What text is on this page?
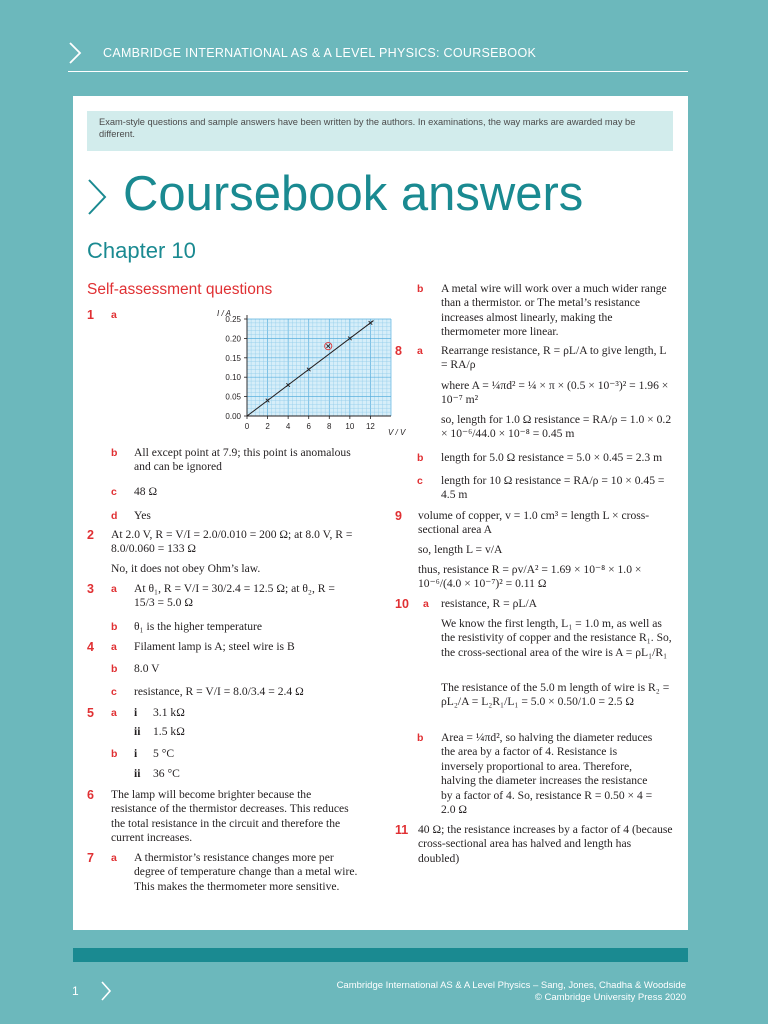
CAMBRIDGE INTERNATIONAL AS & A LEVEL PHYSICS: COURSEBOOK
Exam-style questions and sample answers have been written by the authors. In examinations, the way marks are awarded may be different.
Coursebook answers
Chapter 10
Self-assessment questions
1 a	I / A
V / V
0.25
0.20
0.15
0.10
0.05
0.00
0 2 4 6 8 10 12
b All except point at 7.9; this point is anomalous and can be ignored
c 48 Ω
d Yes
2 At 2.0 V, R = V/I = 2.0/0.010 = 200 Ω; at 8.0 V, R = 8.0/0.060 = 133 Ω
No, it does not obey Ohm’s law.
3 a At θ₁, R = V/I = 30/2.4 = 12.5 Ω; at θ₂, R = 15/3 = 5.0 Ω
b θ₁ is the higher temperature
4 a Filament lamp is A; steel wire is B
b 8.0 V
c resistance, R = V/I = 8.0/3.4 = 2.4 Ω
5 a i 3.1 kΩ
ii 1.5 kΩ
b i 5 °C
ii 36 °C
6 The lamp will become brighter because the resistance of the thermistor decreases. This reduces the total resistance in the circuit and therefore the current increases.
7 a A thermistor’s resistance changes more per degree of temperature change than a metal wire. This makes the thermometer more sensitive.
b A metal wire will work over a much wider range than a thermistor. or The metal’s resistance increases almost linearly, making the thermometer more linear.
8 a Rearrange resistance, R = ρL/A to give length, L = RA/ρ
where A = ¼πd² = ¼ × π × (0.5 × 10⁻³)² = 1.96 × 10⁻⁷ m²
so, length for 1.0 Ω resistance = RA/ρ = 1.0 × 0.2 × 10⁻⁶/44.0 × 10⁻⁸ = 0.45 m
b length for 5.0 Ω resistance = 5.0 × 0.45 = 2.3 m
c length for 10 Ω resistance = RA/ρ = 10 × 0.45 = 4.5 m
9 volume of copper, v = 1.0 cm³ = length L × cross-sectional area A
so, length L = v/A
thus, resistance R = ρv/A² = 1.69 × 10⁻⁸ × 1.0 × 10⁻⁶/(4.0 × 10⁻⁷)² = 0.11 Ω
10 a resistance, R = ρL/A
We know the first length, L₁ = 1.0 m, as well as the resistivity of copper and the resistance R₁. So, the cross-sectional area of the wire is A = ρL₁/R₁
The resistance of the 5.0 m length of wire is R₂ = ρL₂/A = L₂R₁/L₁ = 5.0 × 0.50/1.0 = 2.5 Ω
b Area = ¼πd², so halving the diameter reduces the area by a factor of 4. Resistance is inversely proportional to area. Therefore, halving the diameter increases the resistance by a factor of 4. So, resistance R = 0.50 × 4 = 2.0 Ω
11 40 Ω; the resistance increases by a factor of 4 (because cross-sectional area has halved and length has doubled)
1	Cambridge International AS & A Level Physics – Sang, Jones, Chadha & Woodside
© Cambridge University Press 2020
